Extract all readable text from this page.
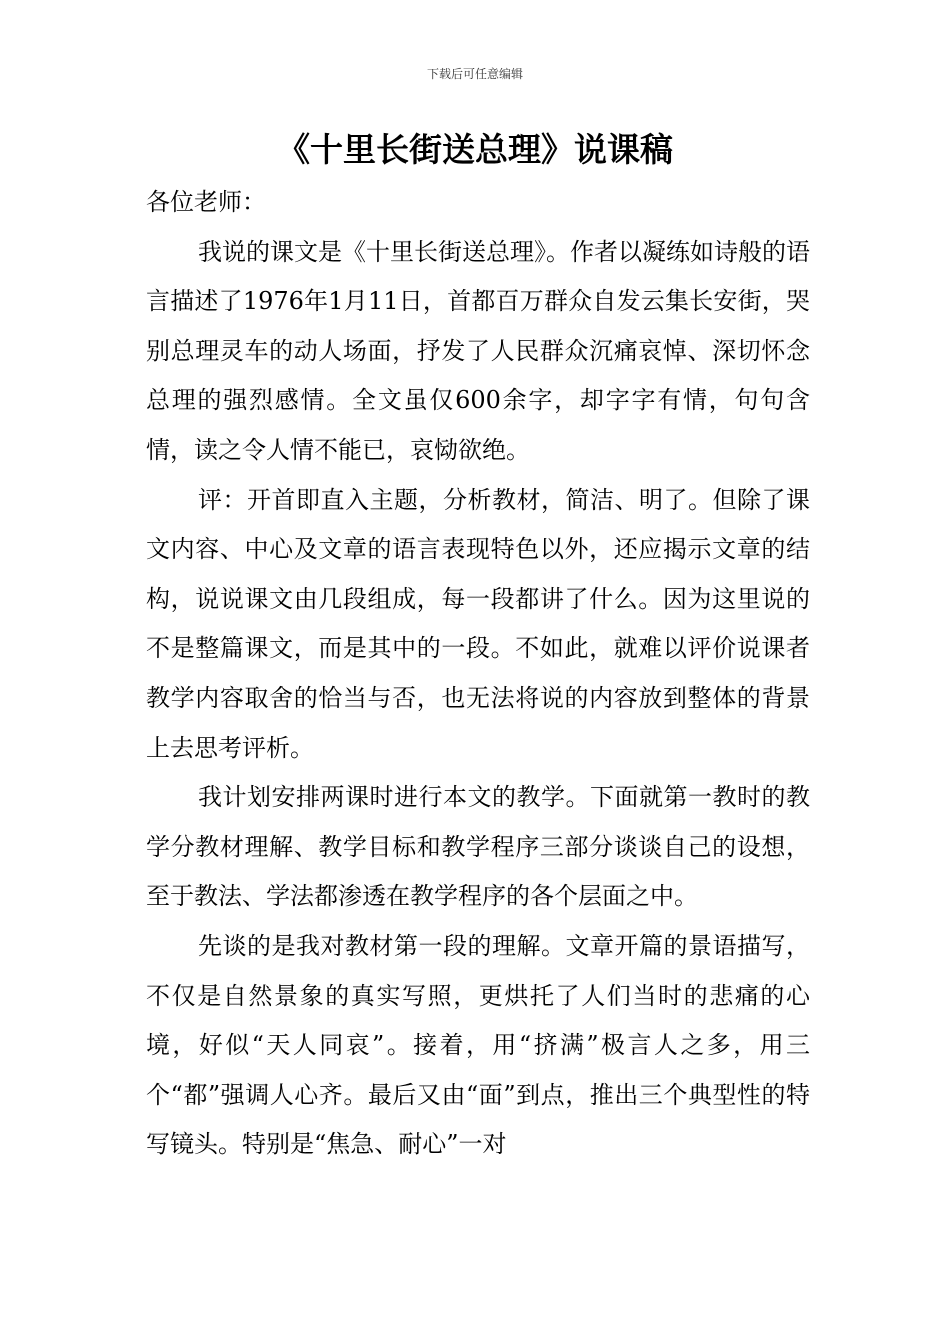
下载后可任意编辑
《十里长街送总理》说课稿

各位老师：

我说的课文是《十里长街送总理》。作者以凝练如诗般的语言描述了1976年1月11日，首都百万群众自发云集长安街，哭别总理灵车的动人场面，抒发了人民群众沉痛哀悼、深切怀念总理的强烈感情。全文虽仅600余字，却字字有情，句句含情，读之令人情不能已，哀恸欲绝。

评：开首即直入主题，分析教材，简洁、明了。但除了课文内容、中心及文章的语言表现特色以外，还应揭示文章的结构，说说课文由几段组成，每一段都讲了什么。因为这里说的不是整篇课文，而是其中的一段。不如此，就难以评价说课者教学内容取舍的恰当与否，也无法将说的内容放到整体的背景上去思考评析。

我计划安排两课时进行本文的教学。下面就第一教时的教学分教材理解、教学目标和教学程序三部分谈谈自己的设想，至于教法、学法都渗透在教学程序的各个层面之中。

先谈的是我对教材第一段的理解。文章开篇的景语描写，不仅是自然景象的真实写照，更烘托了人们当时的悲痛的心境，好似“天人同哀”。接着，用“挤满”极言人之多，用三个“都”强调人心齐。最后又由“面”到点，推出三个典型性的特写镜头。特别是“焦急、耐心”一对
